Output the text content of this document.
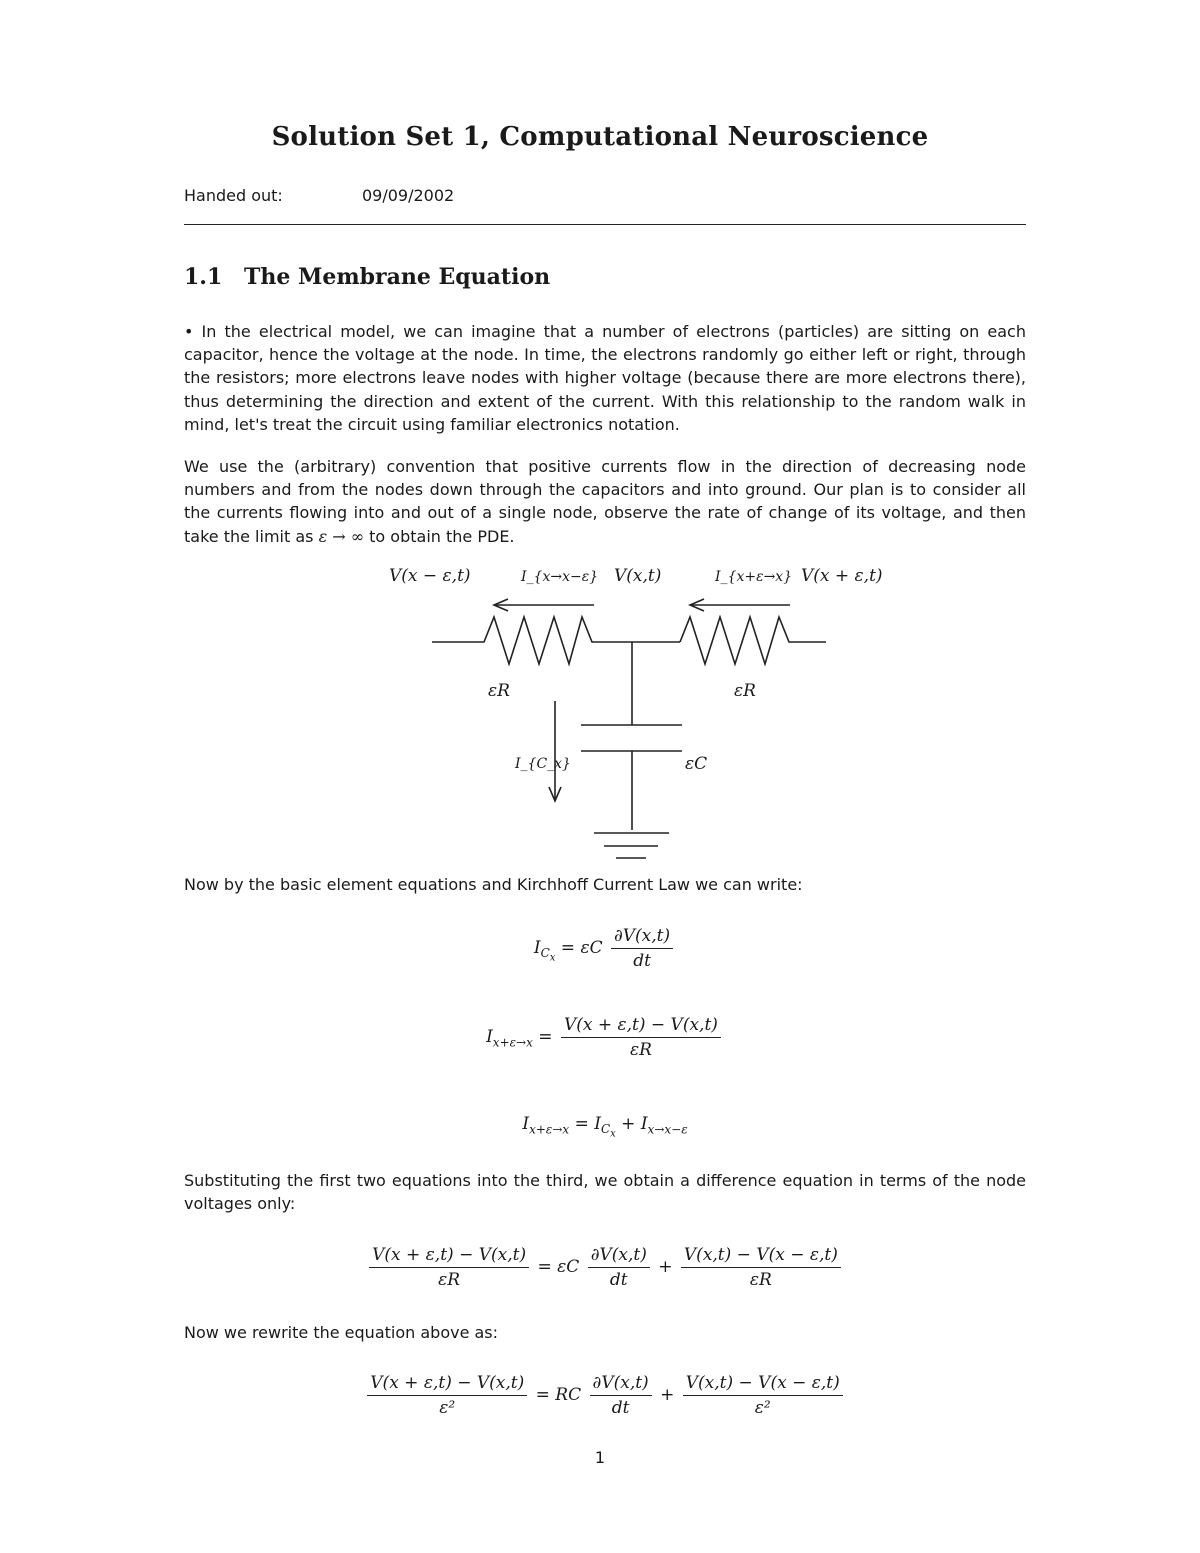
Solution Set 1, Computational Neuroscience
Handed out:	09/09/2002
1.1 The Membrane Equation
• In the electrical model, we can imagine that a number of electrons (particles) are sitting on each capacitor, hence the voltage at the node. In time, the electrons randomly go either left or right, through the resistors; more electrons leave nodes with higher voltage (because there are more electrons there), thus determining the direction and extent of the current. With this relationship to the random walk in mind, let's treat the circuit using familiar electronics notation.
We use the (arbitrary) convention that positive currents flow in the direction of decreasing node numbers and from the nodes down through the capacitors and into ground. Our plan is to consider all the currents flowing into and out of a single node, observe the rate of change of its voltage, and then take the limit as ε → ∞ to obtain the PDE.
V(x − ε,t)	I_{x→x−ε} V(x,t)	I_{x+ε→x} V(x + ε,t)
εR	εR
I_{C_x}	εC
Now by the basic element equations and Kirchhoff Current Law we can write:
$I_{C_x} = \varepsilon C \frac{\partial V(x,t)}{dt}$
$I_{x+\varepsilon\to x} = \frac{V(x + \varepsilon,t) - V(x,t)}{\varepsilon R}$
$I_{x+\varepsilon\to x} = I_{C_x} + I_{x\to x-\varepsilon}$
Substituting the first two equations into the third, we obtain a difference equation in terms of the node voltages only:
$\frac{V(x + \varepsilon,t) - V(x,t)}{\varepsilon R} = \varepsilon C \frac{\partial V(x,t)}{dt} + \frac{V(x,t) - V(x - \varepsilon,t)}{\varepsilon R}$
Now we rewrite the equation above as:
$\frac{V(x + \varepsilon,t) - V(x,t)}{\text{ε²}}$ = RC $\frac{\partial V(x,t)}{dt} + \frac{V(x,t) - V(x - \varepsilon,t)}{\text{ε²}}$
1
